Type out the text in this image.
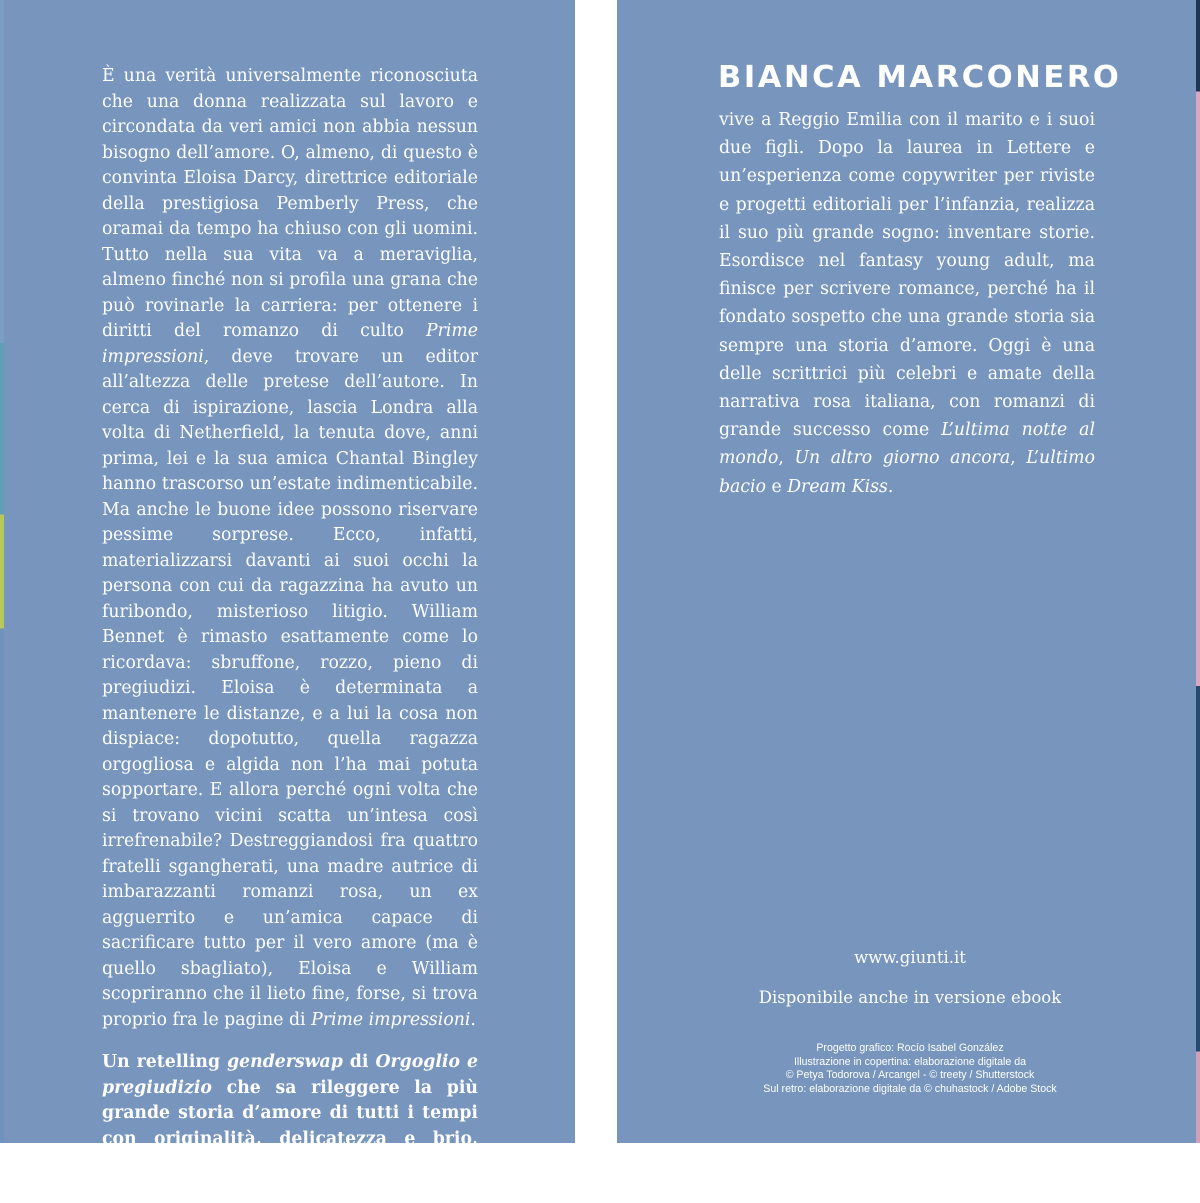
È una verità universalmente riconosciuta che una donna realizzata sul lavoro e circondata da veri amici non abbia nessun bisogno dell’amore. O, almeno, di questo è convinta Eloisa Darcy, direttrice editoriale della prestigiosa Pemberly Press, che oramai da tempo ha chiuso con gli uomini. Tutto nella sua vita va a meraviglia, almeno finché non si profila una grana che può rovinarle la carriera: per ottenere i diritti del romanzo di culto Prime impressioni, deve trovare un editor all’altezza delle pretese dell’autore. In cerca di ispirazione, lascia Londra alla volta di Netherfield, la tenuta dove, anni prima, lei e la sua amica Chantal Bingley hanno trascorso un’estate indimenticabile. Ma anche le buone idee possono riservare pessime sorprese. Ecco, infatti, materializzarsi davanti ai suoi occhi la persona con cui da ragazzina ha avuto un furibondo, misterioso litigio. William Bennet è rimasto esattamente come lo ricordava: sbruffone, rozzo, pieno di pregiudizi. Eloisa è determinata a mantenere le distanze, e a lui la cosa non dispiace: dopotutto, quella ragazza orgogliosa e algida non l’ha mai potuta sopportare. E allora perché ogni volta che si trovano vicini scatta un’intesa così irrefrenabile? Destreggiandosi fra quattro fratelli sgangherati, una madre autrice di imbarazzanti romanzi rosa, un ex agguerrito e un’amica capace di sacrificare tutto per il vero amore (ma è quello sbagliato), Eloisa e William scopriranno che il lieto fine, forse, si trova proprio fra le pagine di Prime impressioni.

Un retelling genderswap di Orgoglio e pregiudizio che sa rileggere la più grande storia d’amore di tutti i tempi con originalità, delicatezza e brio, senza però tradirne lo spirito immortale.

BIANCA MARCONERO

vive a Reggio Emilia con il marito e i suoi due figli. Dopo la laurea in Lettere e un’esperienza come copywriter per riviste e progetti editoriali per l’infanzia, realizza il suo più grande sogno: inventare storie. Esordisce nel fantasy young adult, ma finisce per scrivere romance, perché ha il fondato sospetto che una grande storia sia sempre una storia d’amore. Oggi è una delle scrittrici più celebri e amate della narrativa rosa italiana, con romanzi di grande successo come L’ultima notte al mondo, Un altro giorno ancora, L’ultimo bacio e Dream Kiss.

www.giunti.it

Disponibile anche in versione ebook

Progetto grafico: Rocío Isabel González
Illustrazione in copertina: elaborazione digitale da
© Petya Todorova / Arcangel - © treety / Shutterstock
Sul retro: elaborazione digitale da © chuhastock / Adobe Stock
